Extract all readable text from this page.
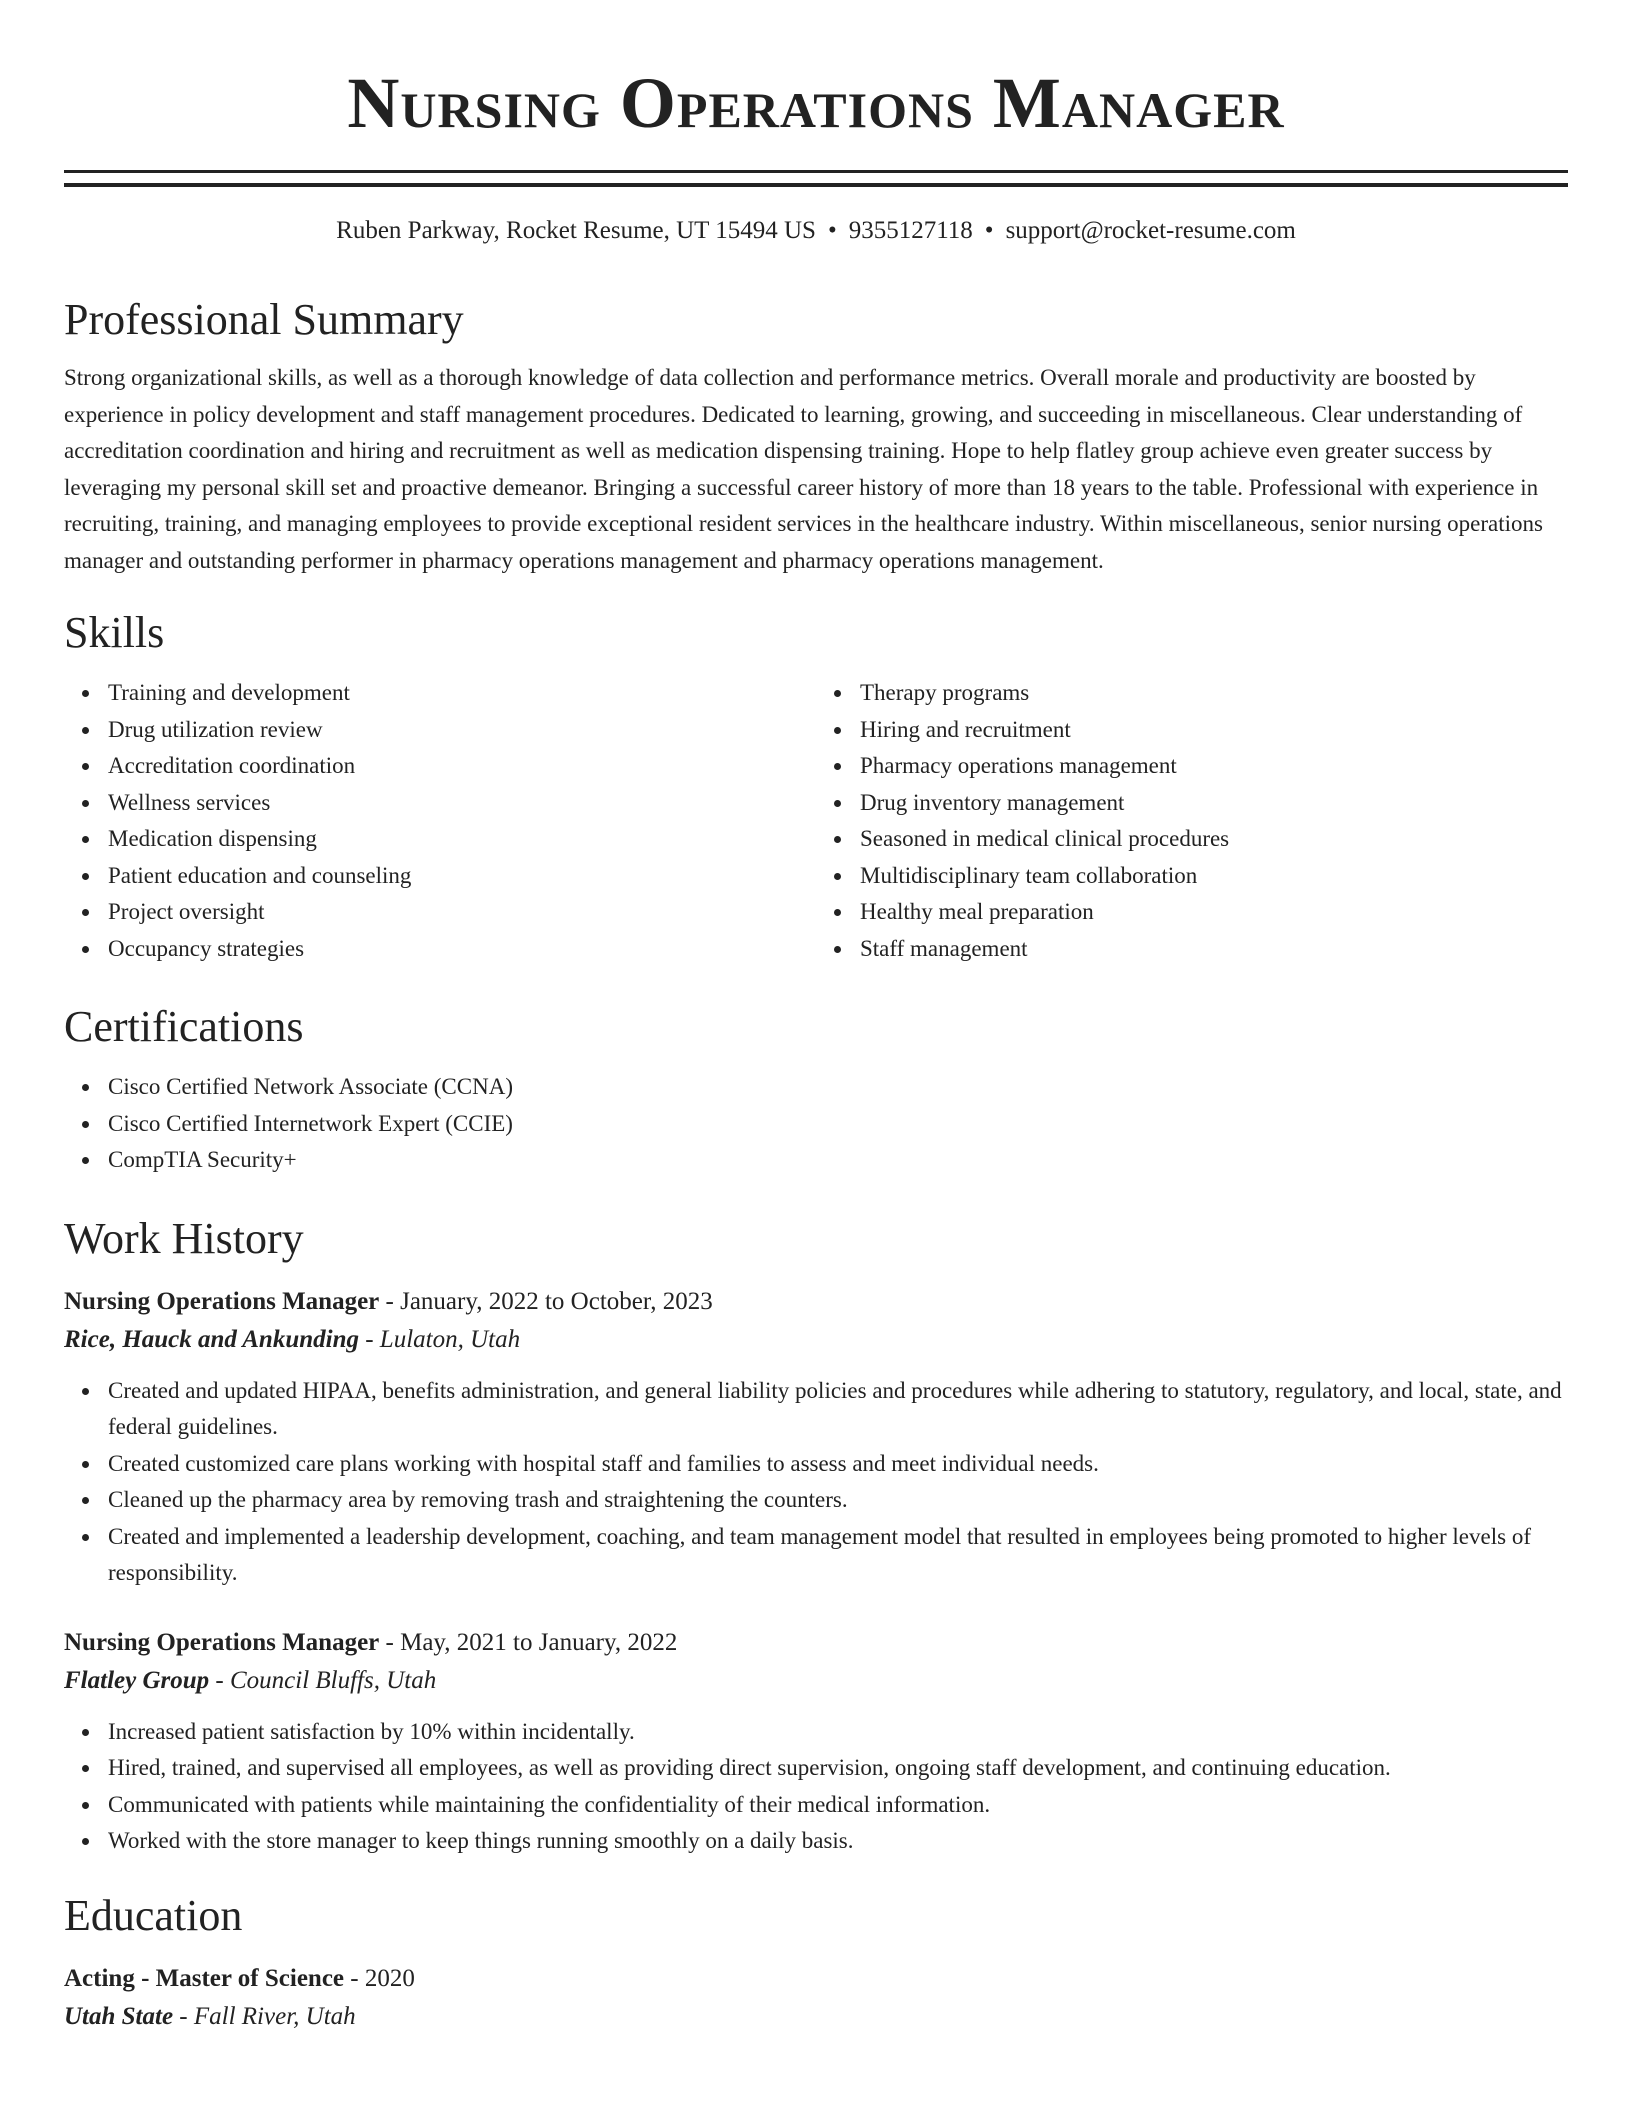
Nursing Operations Manager
Ruben Parkway, Rocket Resume, UT 15494 US • 9355127118 • support@rocket-resume.com
Professional Summary

Strong organizational skills, as well as a thorough knowledge of data collection and performance metrics. Overall morale and productivity are boosted by experience in policy development and staff management procedures. Dedicated to learning, growing, and succeeding in miscellaneous. Clear understanding of accreditation coordination and hiring and recruitment as well as medication dispensing training. Hope to help flatley group achieve even greater success by leveraging my personal skill set and proactive demeanor. Bringing a successful career history of more than 18 years to the table. Professional with experience in recruiting, training, and managing employees to provide exceptional resident services in the healthcare industry. Within miscellaneous, senior nursing operations manager and outstanding performer in pharmacy operations management and pharmacy operations management.

Skills
Training and development
Drug utilization review
Accreditation coordination
Wellness services
Medication dispensing
Patient education and counseling
Project oversight
Occupancy strategies
Therapy programs
Hiring and recruitment
Pharmacy operations management
Drug inventory management
Seasoned in medical clinical procedures
Multidisciplinary team collaboration
Healthy meal preparation
Staff management
Certifications
Cisco Certified Network Associate (CCNA)
Cisco Certified Internetwork Expert (CCIE)
CompTIA Security+
Work History
Nursing Operations Manager - January, 2022 to October, 2023
Rice, Hauck and Ankunding - Lulaton, Utah
Created and updated HIPAA, benefits administration, and general liability policies and procedures while adhering to statutory, regulatory, and local, state, and federal guidelines.
Created customized care plans working with hospital staff and families to assess and meet individual needs.
Cleaned up the pharmacy area by removing trash and straightening the counters.
Created and implemented a leadership development, coaching, and team management model that resulted in employees being promoted to higher levels of responsibility.
Nursing Operations Manager - May, 2021 to January, 2022
Flatley Group - Council Bluffs, Utah
Increased patient satisfaction by 10% within incidentally.
Hired, trained, and supervised all employees, as well as providing direct supervision, ongoing staff development, and continuing education.
Communicated with patients while maintaining the confidentiality of their medical information.
Worked with the store manager to keep things running smoothly on a daily basis.
Education
Acting - Master of Science - 2020
Utah State - Fall River, Utah
